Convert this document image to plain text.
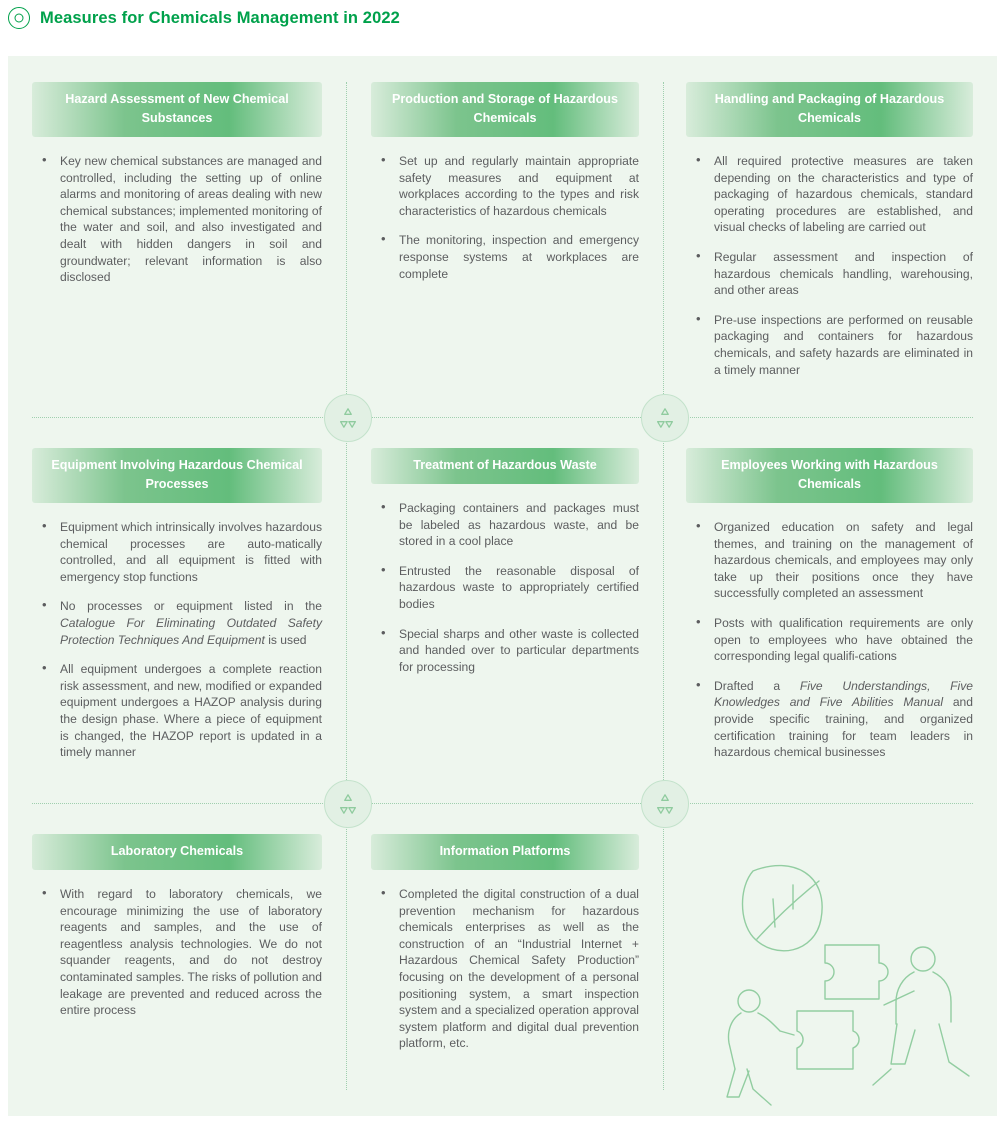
Measures for Chemicals Management in 2022
Hazard Assessment of New Chemical Substances
• Key new chemical substances are managed and controlled, including the setting up of online alarms and monitoring of areas dealing with new chemical substances; implemented monitoring of the water and soil, and also investigated and dealt with hidden dangers in soil and groundwater; relevant information is also disclosed
Production and Storage of Hazardous Chemicals
• Set up and regularly maintain appropriate safety measures and equipment at workplaces according to the types and risk characteristics of hazardous chemicals
• The monitoring, inspection and emergency response systems at workplaces are complete
Handling and Packaging of Hazardous Chemicals
• All required protective measures are taken depending on the characteristics and type of packaging of hazardous chemicals, standard operating procedures are established, and visual checks of labeling are carried out
• Regular assessment and inspection of hazardous chemicals handling, warehousing, and other areas
• Pre-use inspections are performed on reusable packaging and containers for hazardous chemicals, and safety hazards are eliminated in a timely manner
Equipment Involving Hazardous Chemical Processes
• Equipment which intrinsically involves hazardous chemical processes are auto-matically controlled, and all equipment is fitted with emergency stop functions
• No processes or equipment listed in the Catalogue For Eliminating Outdated Safety Protection Techniques And Equipment is used
• All equipment undergoes a complete reaction risk assessment, and new, modified or expanded equipment undergoes a HAZOP analysis during the design phase. Where a piece of equipment is changed, the HAZOP report is updated in a timely manner
Treatment of Hazardous Waste
• Packaging containers and packages must be labeled as hazardous waste, and be stored in a cool place
• Entrusted the reasonable disposal of hazardous waste to appropriately certified bodies
• Special sharps and other waste is collected and handed over to particular departments for processing
Employees Working with Hazardous Chemicals
• Organized education on safety and legal themes, and training on the management of hazardous chemicals, and employees may only take up their positions once they have successfully completed an assessment
• Posts with qualification requirements are only open to employees who have obtained the corresponding legal qualifi-cations
• Drafted a Five Understandings, Five Knowledges and Five Abilities Manual and provide specific training, and organized certification training for team leaders in hazardous chemical businesses
Laboratory Chemicals
• With regard to laboratory chemicals, we encourage minimizing the use of laboratory reagents and samples, and the use of reagentless analysis technologies. We do not squander reagents, and do not destroy contaminated samples. The risks of pollution and leakage are prevented and reduced across the entire process
Information Platforms
• Completed the digital construction of a dual prevention mechanism for hazardous chemicals enterprises as well as the construction of an “Industrial Internet + Hazardous Chemical Safety Production” focusing on the development of a personal positioning system, a smart inspection system and a specialized operation approval system platform and digital dual prevention platform, etc.
